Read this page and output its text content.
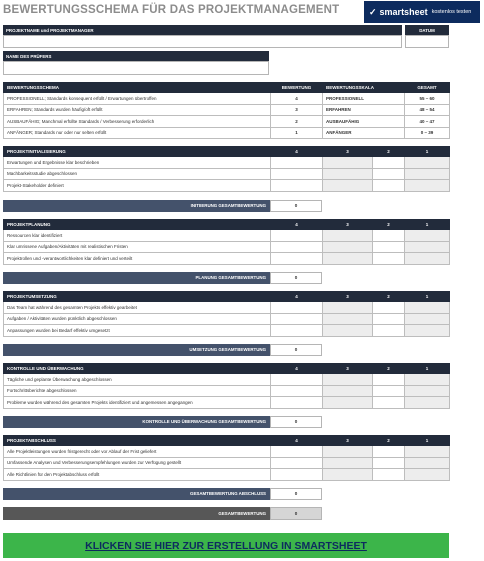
BEWERTUNGSSCHEMA FÜR DAS PROJEKTMANAGEMENT	✓ smartsheet kostenlos testen
PROJEKTNAME und PROJEKTMANAGER	DATUM
NAME DES PRÜFERS
BEWERTUNGSSCHEMA	BEWERTUNG	BEWERTUNGSSKALA	GESAMT
PROFESSIONELL; Standards konsequent erfüllt / Erwartungen übertroffen	4	PROFESSIONELL	55 – 60
ERFAHREN; Standards wurden häufig/oft erfüllt	3	ERFAHREN	48 – 54
AUSBAUFÄHIG; Manchmal erfüllte Standards / Verbesserung erforderlich	2	AUSBAUFÄHIG	40 – 47
ANFÄNGER; Standards nur oder nur selten erfüllt	1	ANFÄNGER	0 – 39
PROJEKTINITIALISIERUNG	4	3	2	1
Erwartungen und Ergebnisse klar beschrieben				
Machbarkeitsstudie abgeschlossen				
Projekt-Stakeholder definiert				
INITIIERUNG GESAMTBEWERTUNG	0
PROJEKTPLANUNG	4	3	2	1
Ressourcen klar identifiziert				
Klar umrissene Aufgaben/Aktivitäten mit realistischen Fristen				
Projektrollen und -verantwortlichkeiten klar definiert und verteilt				
PLANUNG GESAMTBEWERTUNG	0
PROJEKTUMSETZUNG	4	3	2	1
Das Team hat während des gesamten Projekts effektiv gearbeitet				
Aufgaben / Aktivitäten wurden pünktlich abgeschlossen				
Anpassungen wurden bei Bedarf effektiv umgesetzt				
UMSETZUNG GESAMTBEWERTUNG	0
KONTROLLE UND ÜBERWACHUNG	4	3	2	1
Tägliche und geplante Überwachung abgeschlossen				
Fortschrittsberichte abgeschlossen				
Probleme wurden während des gesamten Projekts identifiziert und angemessen angegangen				
KONTROLLE UND ÜBERWACHUNG GESAMTBEWERTUNG	0
PROJEKTABSCHLUSS	4	3	2	1
Alle Projektleistungen wurden fristgerecht oder vor Ablauf der Frist geliefert				
Umfassende Analysen und Verbesserungsempfehlungen wurden zur Verfügung gestellt				
Alle Richtlinien für den Projektabschluss erfüllt				
GESAMTBEWERTUNG ABSCHLUSS	0
GESAMTBEWERTUNG	0
KLICKEN SIE HIER ZUR ERSTELLUNG IN SMARTSHEET
